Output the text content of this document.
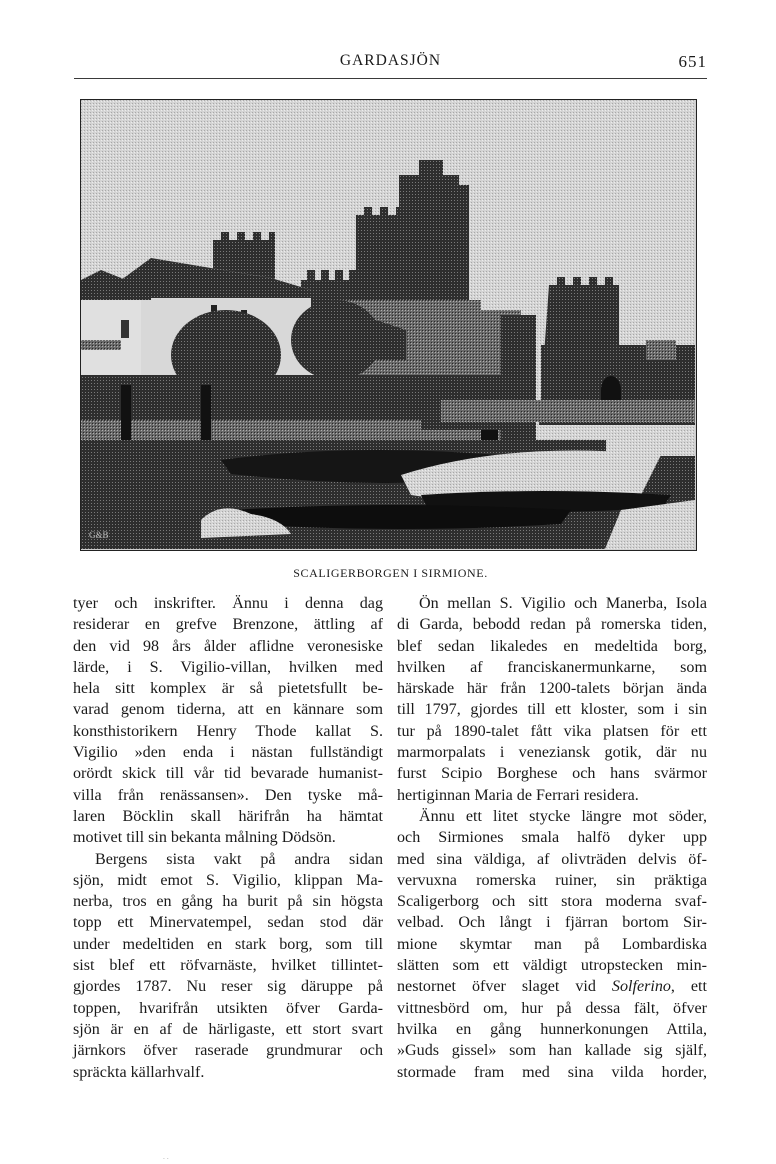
GARDASJÖN	651
G&B
SCALIGERBORGEN I SIRMIONE.
tyer och inskrifter. Ännu i denna dag
residerar en grefve Brenzone, ättling af
den vid 98 års ålder aflidne veronesiske
lärde, i S. Vigilio-villan, hvilken med
hela sitt komplex är så pietetsfullt be-
varad genom tiderna, att en kännare som
konsthistorikern Henry Thode kallat S.
Vigilio »den enda i nästan fullständigt
orördt skick till vår tid bevarade humanist-
villa från renässansen». Den tyske må-
laren Böcklin skall härifrån ha hämtat
motivet till sin bekanta målning Dödsön.
Bergens sista vakt på andra sidan
sjön, midt emot S. Vigilio, klippan Ma-
nerba, tros en gång ha burit på sin högsta
topp ett Minervatempel, sedan stod där
under medeltiden en stark borg, som till
sist blef ett röfvarnäste, hvilket tillintet-
gjordes 1787. Nu reser sig däruppe på
toppen, hvarifrån utsikten öfver Garda-
sjön är en af de härligaste, ett stort svart
järnkors öfver raserade grundmurar och
spräckta källarhvalf.
Ön mellan S. Vigilio och Manerba, Isola
di Garda, bebodd redan på romerska tiden,
blef sedan likaledes en medeltida borg,
hvilken af franciskanermunkarne, som
härskade här från 1200-talets början ända
till 1797, gjordes till ett kloster, som i sin
tur på 1890-talet fått vika platsen för ett
marmorpalats i veneziansk gotik, där nu
furst Scipio Borghese och hans svärmor
hertiginnan Maria de Ferrari residera.
Ännu ett litet stycke längre mot söder,
och Sirmiones smala halfö dyker upp
med sina väldiga, af olivträden delvis öf-
vervuxna romerska ruiner, sin präktiga
Scaligerborg och sitt stora moderna svaf-
velbad. Och långt i fjärran bortom Sir-
mione skymtar man på Lombardiska
slätten som ett väldigt utropstecken min-
nestornet öfver slaget vid Solferino, ett
vittnesbörd om, hur på dessa fält, öfver
hvilka en gång hunnerkonungen Attila,
»Guds gissel» som han kallade sig själf,
stormade fram med sina vilda horder,
· ·
